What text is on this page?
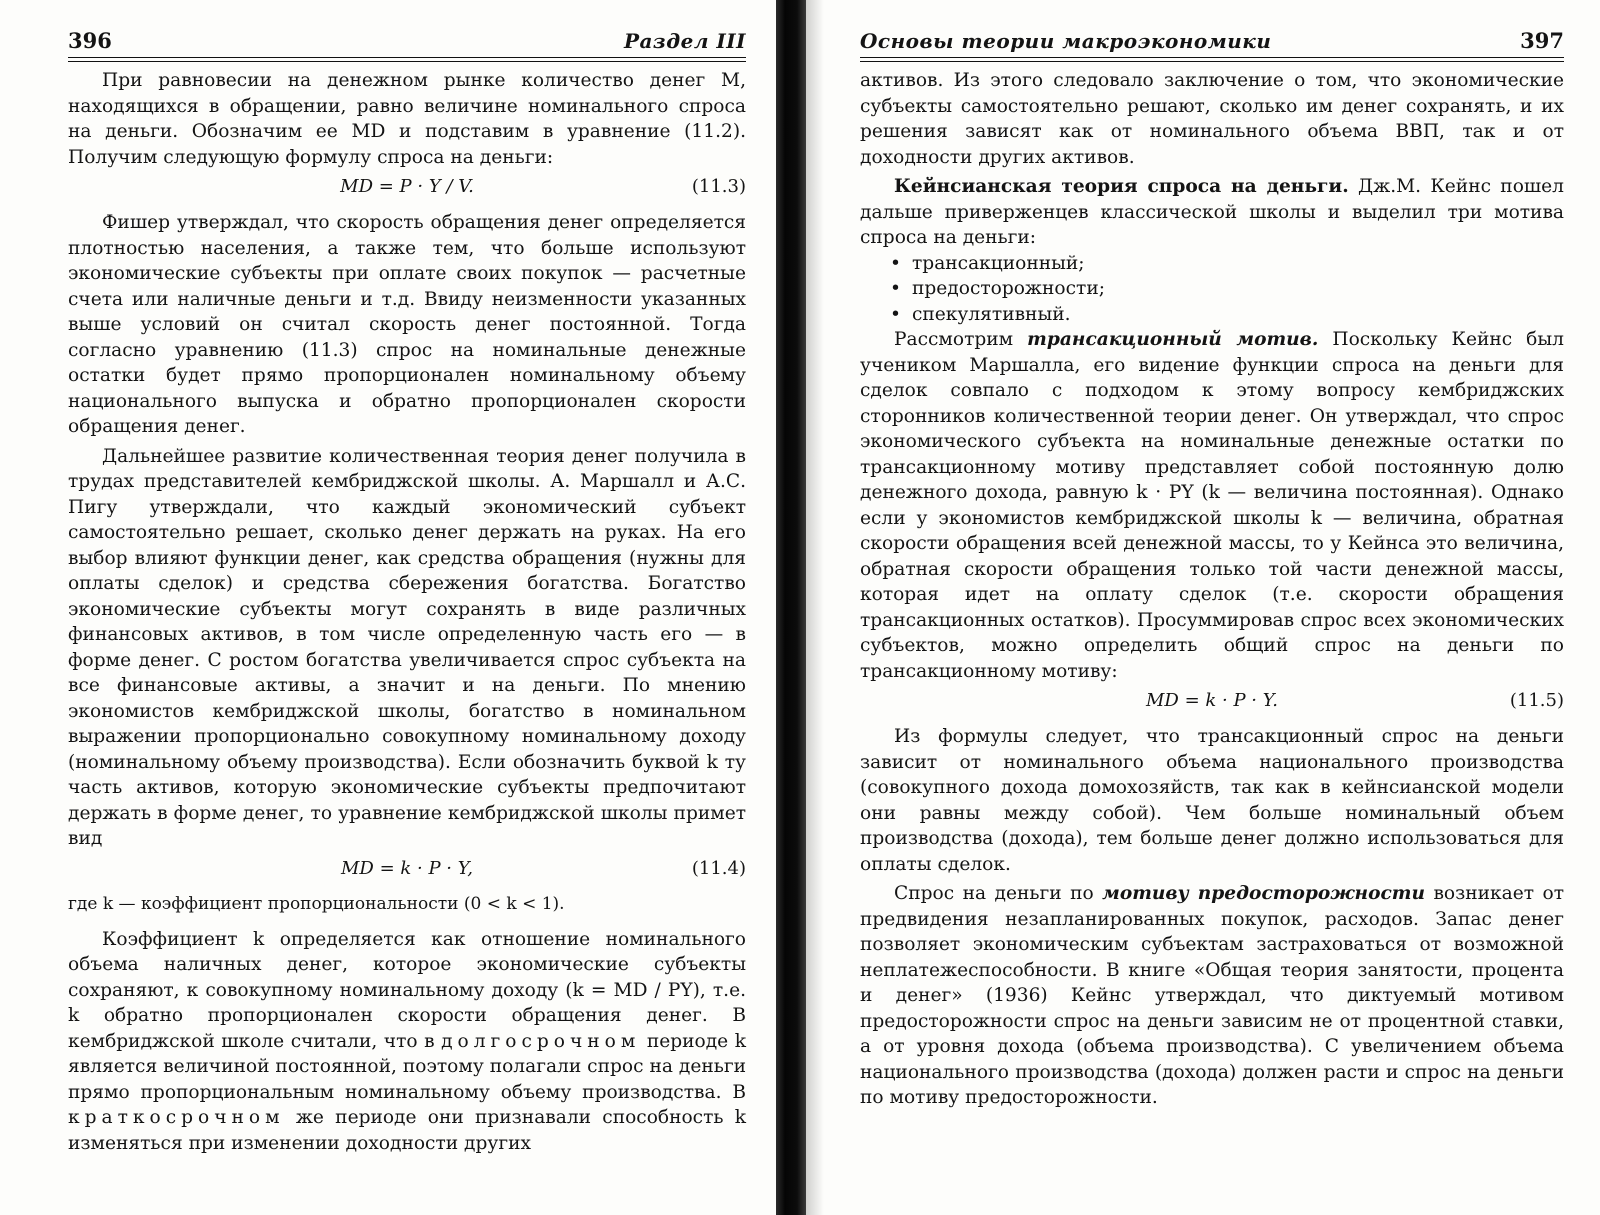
396	Раздел III

При равновесии на денежном рынке количество денег M, находящихся в обращении, равно величине номинального спроса на деньги. Обозначим ее MD и подставим в уравнение (11.2). Получим следующую формулу спроса на деньги:

MD = P · Y / V.	(11.3)

Фишер утверждал, что скорость обращения денег определяется плотностью населения, а также тем, что больше используют экономические субъекты при оплате своих покупок — расчетные счета или наличные деньги и т.д. Ввиду неизменности указанных выше условий он считал скорость денег постоянной. Тогда согласно уравнению (11.3) спрос на номинальные денежные остатки будет прямо пропорционален номинальному объему национального выпуска и обратно пропорционален скорости обращения денег.

Дальнейшее развитие количественная теория денег получила в трудах представителей кембриджской школы. А. Маршалл и А.С. Пигу утверждали, что каждый экономический субъект самостоятельно решает, сколько денег держать на руках. На его выбор влияют функции денег, как средства обращения (нужны для оплаты сделок) и средства сбережения богатства. Богатство экономические субъекты могут сохранять в виде различных финансовых активов, в том числе определенную часть его — в форме денег. С ростом богатства увеличивается спрос субъекта на все финансовые активы, а значит и на деньги. По мнению экономистов кембриджской школы, богатство в номинальном выражении пропорционально совокупному номинальному доходу (номинальному объему производства). Если обозначить буквой k ту часть активов, которую экономические субъекты предпочитают держать в форме денег, то уравнение кембриджской школы примет вид

MD = k · P · Y,	(11.4)

где k — коэффициент пропорциональности (0 < k < 1).

Коэффициент k определяется как отношение номинального объема наличных денег, которое экономические субъекты сохраняют, к совокупному номинальному доходу (k = MD / PY), т.е. k обратно пропорционален скорости обращения денег. В кембриджской школе считали, что в долгосрочном периоде k является величиной постоянной, поэтому полагали спрос на деньги прямо пропорциональным номинальному объему производства. В краткосрочном же периоде они признавали способность k изменяться при изменении доходности других

Основы теории макроэкономики	397

активов. Из этого следовало заключение о том, что экономические субъекты самостоятельно решают, сколько им денег сохранять, и их решения зависят как от номинального объема ВВП, так и от доходности других активов.

Кейнсианская теория спроса на деньги. Дж.М. Кейнс пошел дальше приверженцев классической школы и выделил три мотива спроса на деньги:

• трансакционный;
• предосторожности;
• спекулятивный.

Рассмотрим трансакционный мотив. Поскольку Кейнс был учеником Маршалла, его видение функции спроса на деньги для сделок совпало с подходом к этому вопросу кембриджских сторонников количественной теории денег. Он утверждал, что спрос экономического субъекта на номинальные денежные остатки по трансакционному мотиву представляет собой постоянную долю денежного дохода, равную k · PY (k — величина постоянная). Однако если у экономистов кембриджской школы k — величина, обратная скорости обращения всей денежной массы, то у Кейнса это величина, обратная скорости обращения только той части денежной массы, которая идет на оплату сделок (т.е. скорости обращения трансакционных остатков). Просуммировав спрос всех экономических субъектов, можно определить общий спрос на деньги по трансакционному мотиву:

MD = k · P · Y.	(11.5)

Из формулы следует, что трансакционный спрос на деньги зависит от номинального объема национального производства (совокупного дохода домохозяйств, так как в кейнсианской модели они равны между собой). Чем больше номинальный объем производства (дохода), тем больше денег должно использоваться для оплаты сделок.

Спрос на деньги по мотиву предосторожности возникает от предвидения незапланированных покупок, расходов. Запас денег позволяет экономическим субъектам застраховаться от возможной неплатежеспособности. В книге «Общая теория занятости, процента и денег» (1936) Кейнс утверждал, что диктуемый мотивом предосторожности спрос на деньги зависим не от процентной ставки, а от уровня дохода (объема производства). С увеличением объема национального производства (дохода) должен расти и спрос на деньги по мотиву предосторожности.
